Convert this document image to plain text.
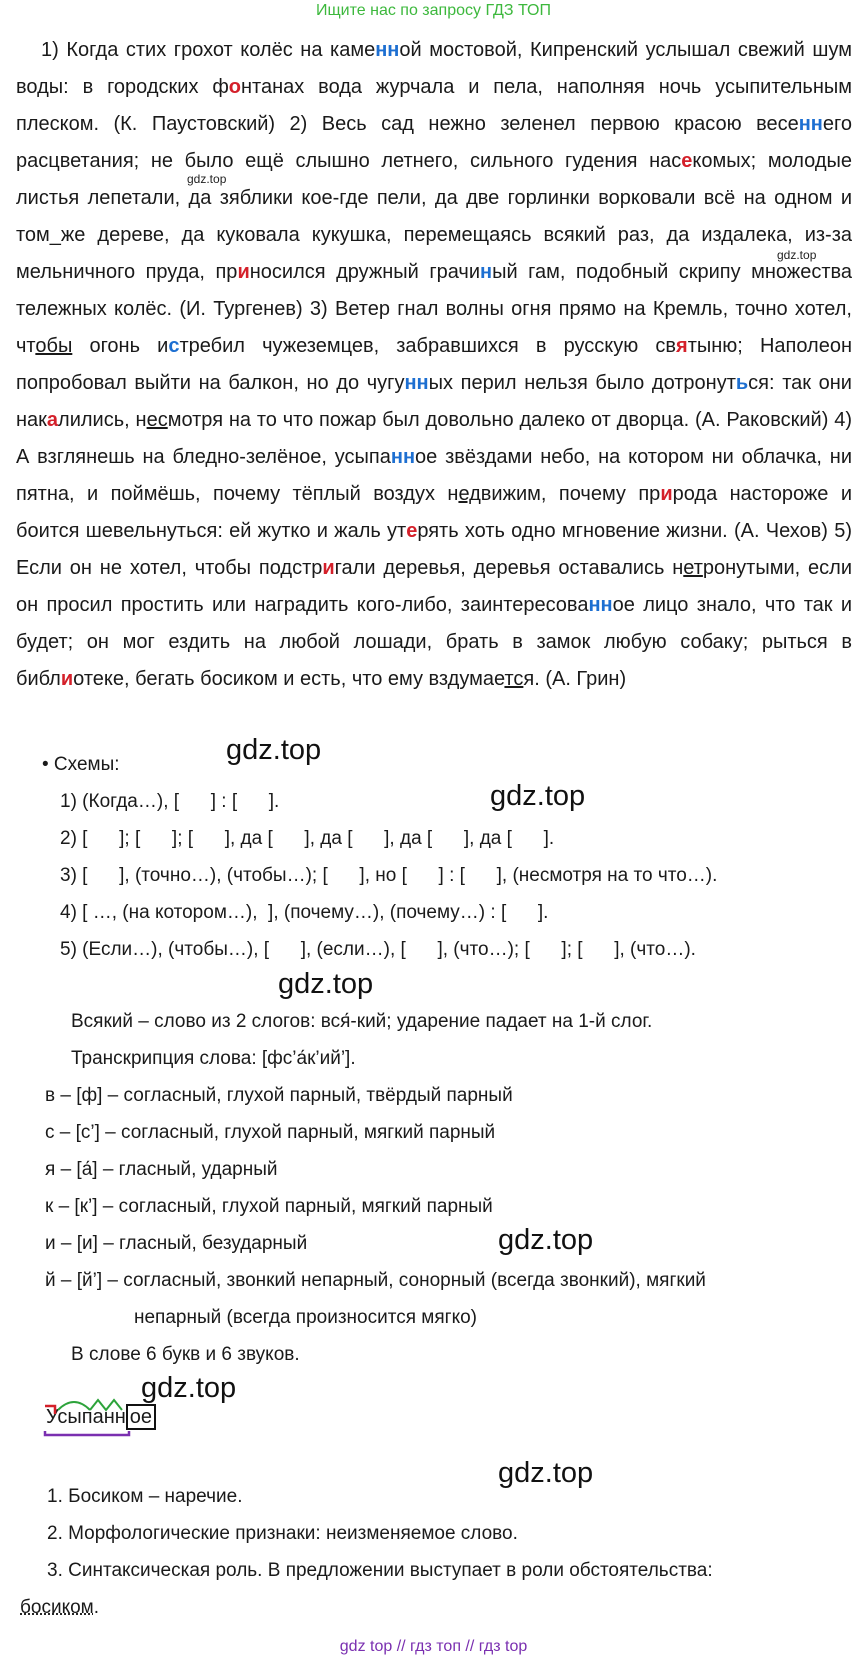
Ищите нас по запросу ГДЗ ТОП

1) Когда стих грохот колёс на каменной мостовой, Кипренский услышал свежий шум воды: в городских фонтанах вода журчала и пела, наполняя ночь усыпительным плеском. (К. Паустовский) 2) Весь сад нежно зеленел первою красою весеннего расцветания; не было ещё слышно летнего, сильного гудения насекомых; молодые листья лепетали, да зяблики кое-где пели, да две горлинки ворковали всё на одном и том_же дереве, да куковала кукушка, перемещаясь всякий раз, да издалека, из-за мельничного пруда, приносился дружный грачиный гам, подобный скрипу множества тележных колёс. (И. Тургенев) 3) Ветер гнал волны огня прямо на Кремль, точно хотел, чтобы огонь истребил чужеземцев, забравшихся в русскую святыню; Наполеон попробовал выйти на балкон, но до чугунных перил нельзя было дотронуться: так они накалились, несмотря на то что пожар был довольно далеко от дворца. (А. Раковский) 4) А взглянешь на бледно-зелёное, усыпанное звёздами небо, на котором ни облачка, ни пятна, и поймёшь, почему тёплый воздух недвижим, почему природа настороже и боится шевельнуться: ей жутко и жаль утерять хоть одно мгновение жизни. (А. Чехов) 5) Если он не хотел, чтобы подстригали деревья, деревья оставались нетронутыми, если он просил простить или наградить кого-либо, заинтересованное лицо знало, что так и будет; он мог ездить на любой лошади, брать в замок любую собаку; рыться в библиотеке, бегать босиком и есть, что ему вздумается. (А. Грин)

gdz.top
gdz.top
gdz.top
gdz.top
gdz.top
gdz.top
gdz.top
gdz.top
• Схемы:
1) (Когда…), [      ] : [      ].
2) [      ]; [      ]; [      ], да [      ], да [      ], да [      ], да [      ].
3) [      ], (точно…), (чтобы…); [      ], но [      ] : [      ], (несмотря на то что…).
4) [ …, (на котором…),  ], (почему…), (почему…) : [      ].
5) (Если…), (чтобы…), [      ], (если…), [      ], (что…); [      ]; [      ], (что…).
Всякий – слово из 2 слогов: вся́-кий; ударение падает на 1-й слог.
Транскрипция слова: [фс’а́к’ий’].
в – [ф] – согласный, глухой парный, твёрдый парный
с – [с’] – согласный, глухой парный, мягкий парный
я – [а́] – гласный, ударный
к – [к’] – согласный, глухой парный, мягкий парный
и – [и] – гласный, безударный
й – [й’] – согласный, звонкий непарный, сонорный (всегда звонкий), мягкий
непарный (всегда произносится мягко)
В слове 6 букв и 6 звуков.
Усыпанн ое
1. Босиком – наречие.
2. Морфологические признаки: неизменяемое слово.
3. Синтаксическая роль. В предложении выступает в роли обстоятельства:
босиком.
gdz top // гдз топ // гдз top
